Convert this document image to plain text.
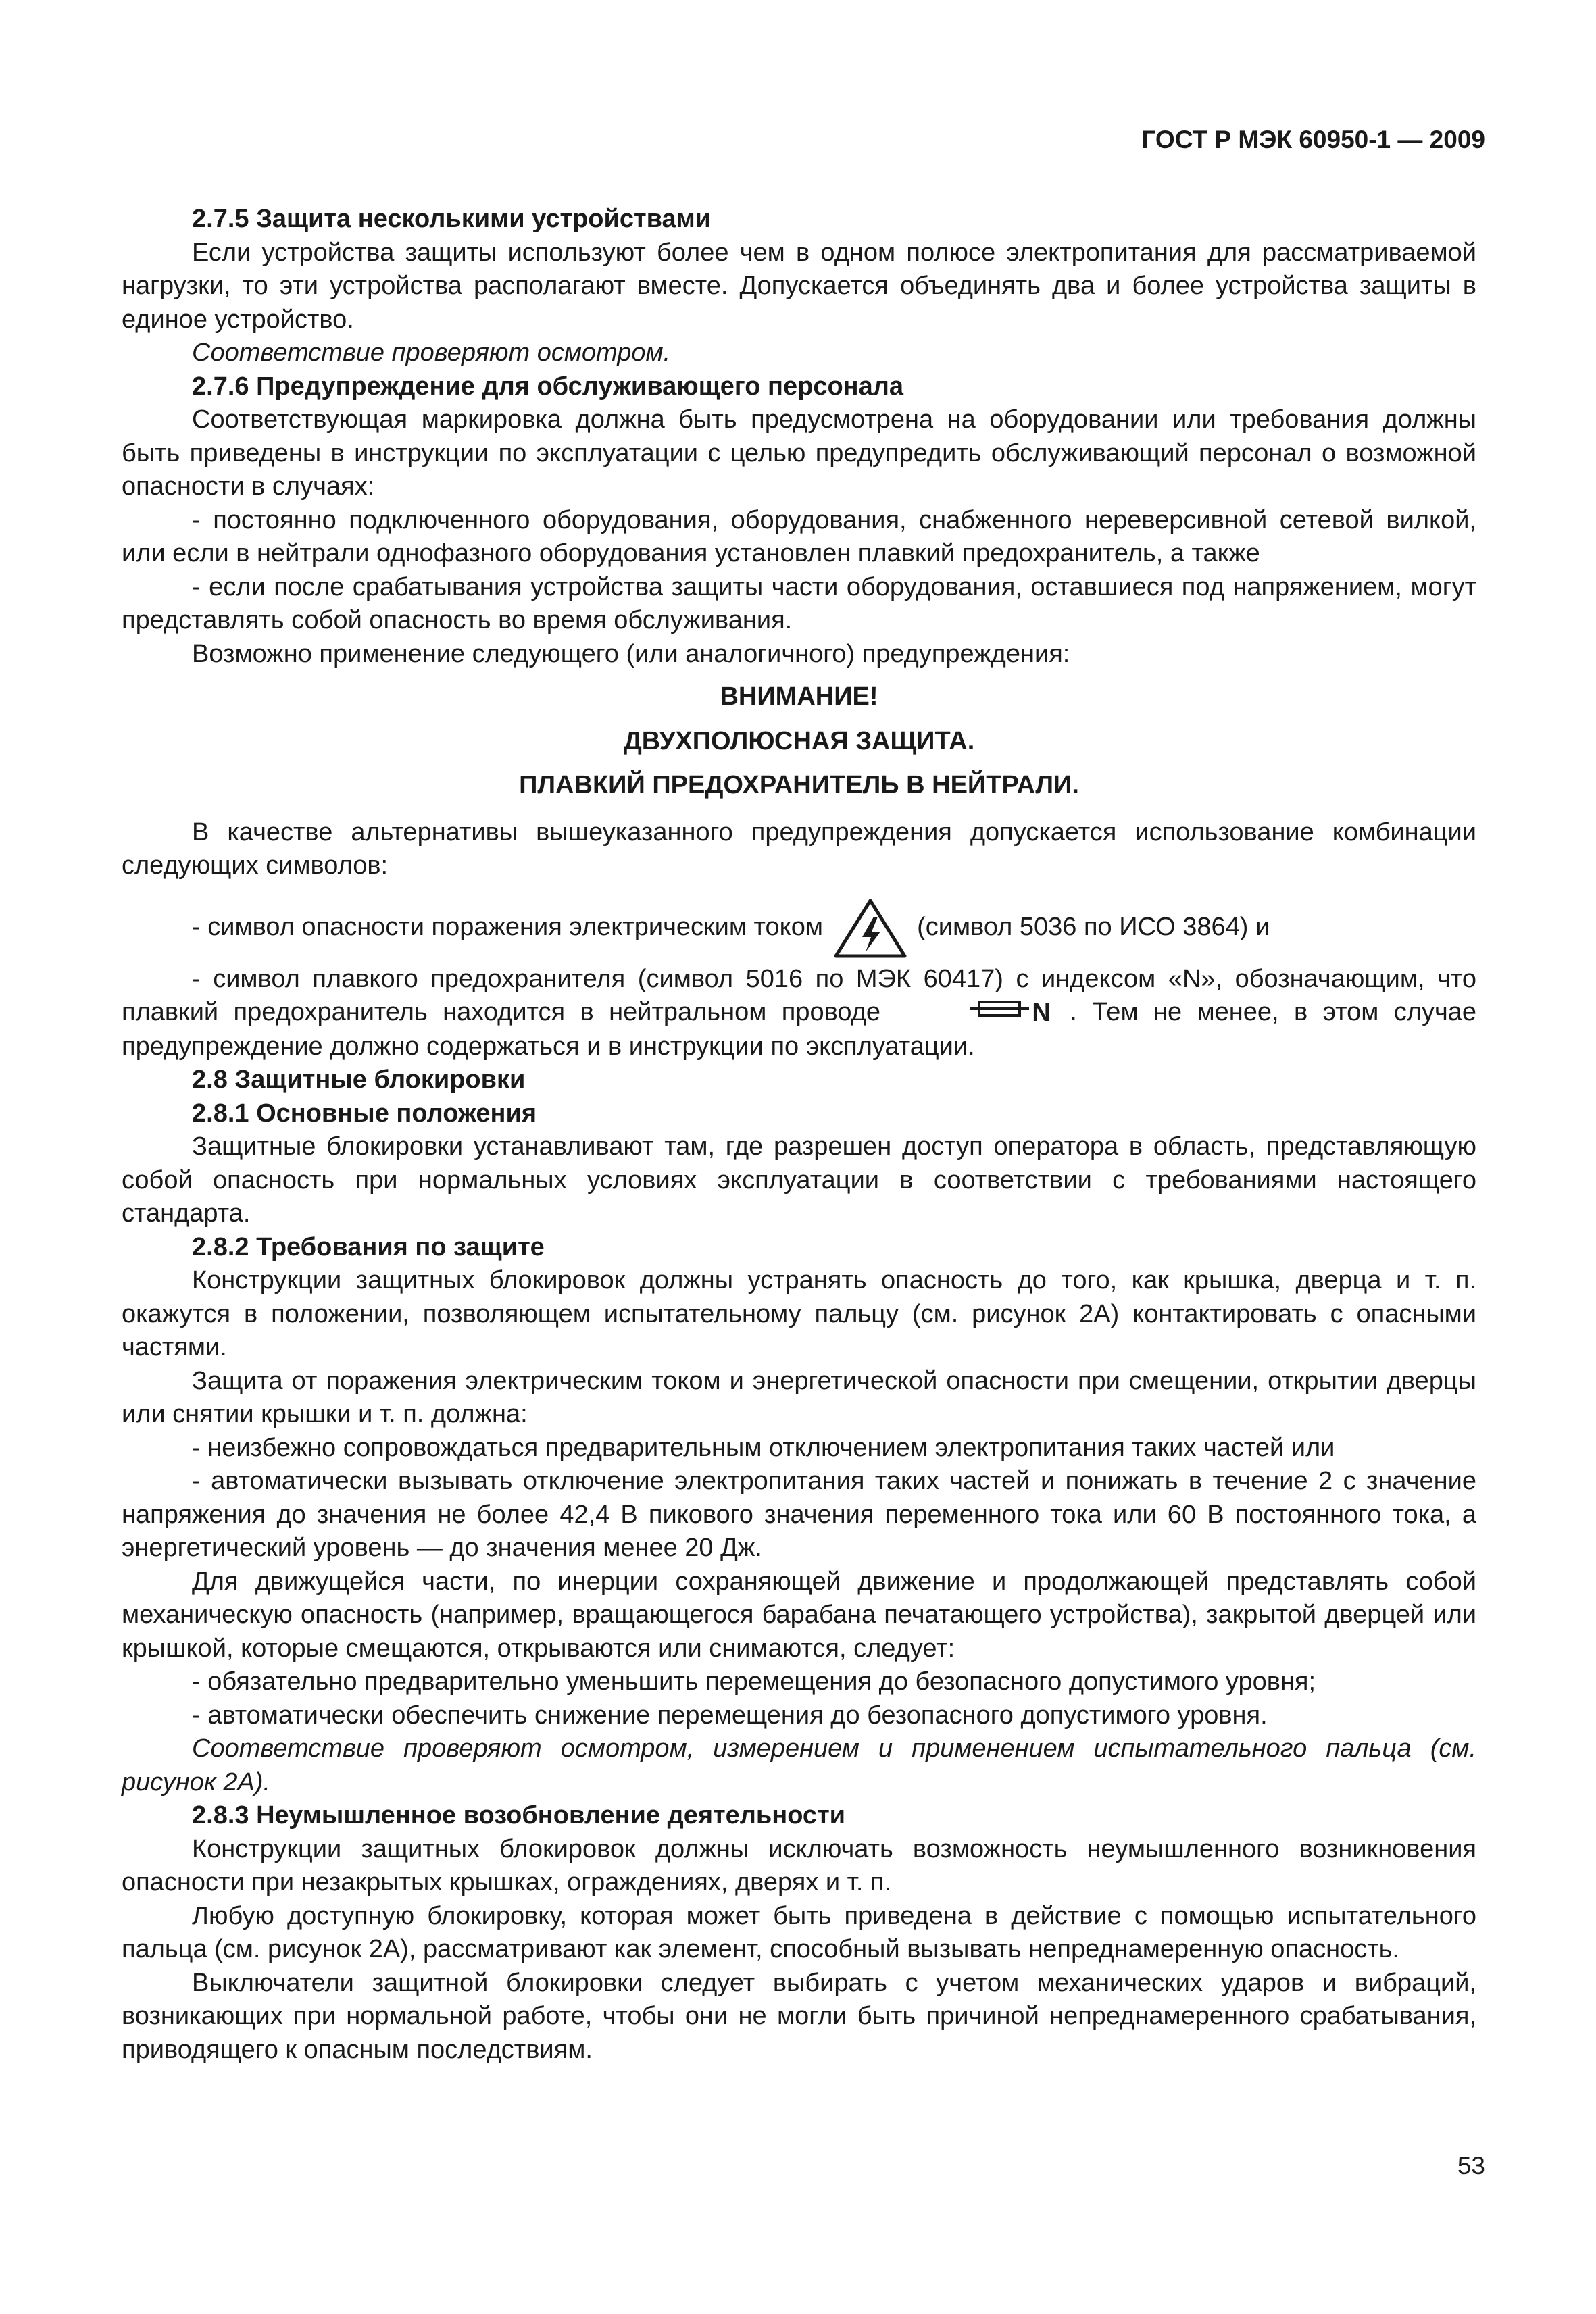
ГОСТ Р МЭК 60950-1 — 2009

2.7.5 Защита несколькими устройствами

Если устройства защиты используют более чем в одном полюсе электропитания для рассматриваемой нагрузки, то эти устройства располагают вместе. Допускается объединять два и более устройства защиты в единое устройство.

Соответствие проверяют осмотром.

2.7.6 Предупреждение для обслуживающего персонала

Соответствующая маркировка должна быть предусмотрена на оборудовании или требования должны быть приведены в инструкции по эксплуатации с целью предупредить обслуживающий персонал о возможной опасности в случаях:

- постоянно подключенного оборудования, оборудования, снабженного нереверсивной сетевой вилкой, или если в нейтрали однофазного оборудования установлен плавкий предохранитель, а также

- если после срабатывания устройства защиты части оборудования, оставшиеся под напряжением, могут представлять собой опасность во время обслуживания.

Возможно применение следующего (или аналогичного) предупреждения:

ВНИМАНИЕ!

ДВУХПОЛЮСНАЯ ЗАЩИТА.

ПЛАВКИЙ ПРЕДОХРАНИТЕЛЬ В НЕЙТРАЛИ.

В качестве альтернативы вышеуказанного предупреждения допускается использование комбинации следующих символов:

- символ опасности поражения электрическим током	(символ 5036 по ИСО 3864) и

- символ плавкого предохранителя (символ 5016 по МЭК 60417) с индексом «N», обозначающим, что плавкий предохранитель находится в нейтральном проводе	N . Тем не менее, в этом случае предупреждение должно содержаться и в инструкции по эксплуатации.

2.8 Защитные блокировки

2.8.1 Основные положения

Защитные блокировки устанавливают там, где разрешен доступ оператора в область, представляющую собой опасность при нормальных условиях эксплуатации в соответствии с требованиями настоящего стандарта.

2.8.2 Требования по защите

Конструкции защитных блокировок должны устранять опасность до того, как крышка, дверца и т. п. окажутся в положении, позволяющем испытательному пальцу (см. рисунок 2А) контактировать с опасными частями.

Защита от поражения электрическим током и энергетической опасности при смещении, открытии дверцы или снятии крышки и т. п. должна:

- неизбежно сопровождаться предварительным отключением электропитания таких частей или

- автоматически вызывать отключение электропитания таких частей и понижать в течение 2 с значение напряжения до значения не более 42,4 В пикового значения переменного тока или 60 В постоянного тока, а энергетический уровень — до значения менее 20 Дж.

Для движущейся части, по инерции сохраняющей движение и продолжающей представлять собой механическую опасность (например, вращающегося барабана печатающего устройства), закрытой дверцей или крышкой, которые смещаются, открываются или снимаются, следует:

- обязательно предварительно уменьшить перемещения до безопасного допустимого уровня;

- автоматически обеспечить снижение перемещения до безопасного допустимого уровня.

Соответствие проверяют осмотром, измерением и применением испытательного пальца (см. рисунок 2А).

2.8.3 Неумышленное возобновление деятельности

Конструкции защитных блокировок должны исключать возможность неумышленного возникновения опасности при незакрытых крышках, ограждениях, дверях и т. п.

Любую доступную блокировку, которая может быть приведена в действие с помощью испытательного пальца (см. рисунок 2А), рассматривают как элемент, способный вызывать непреднамеренную опасность.

Выключатели защитной блокировки следует выбирать с учетом механических ударов и вибраций, возникающих при нормальной работе, чтобы они не могли быть причиной непреднамеренного срабатывания, приводящего к опасным последствиям.

53
